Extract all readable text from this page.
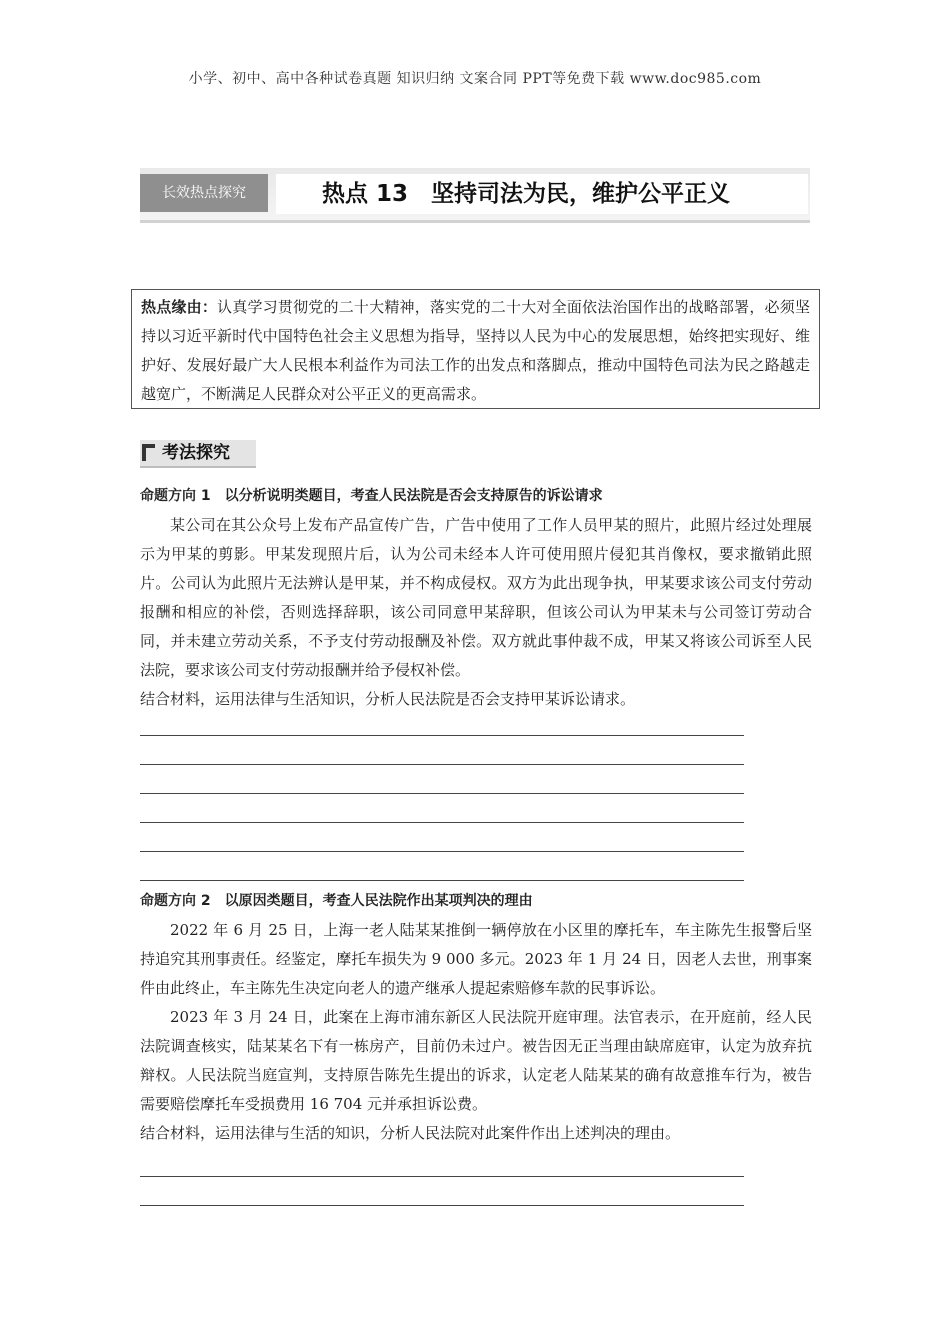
小学、初中、高中各种试卷真题 知识归纳 文案合同 PPT等免费下载 www.doc985.com
长效热点探究	热点 13　坚持司法为民，维护公平正义
热点缘由：认真学习贯彻党的二十大精神，落实党的二十大对全面依法治国作出的战略部署，必须坚持以习近平新时代中国特色社会主义思想为指导，坚持以人民为中心的发展思想，始终把实现好、维护好、发展好最广大人民根本利益作为司法工作的出发点和落脚点，推动中国特色司法为民之路越走越宽广，不断满足人民群众对公平正义的更高需求。
考法探究
命题方向 1　以分析说明类题目，考查人民法院是否会支持原告的诉讼请求

某公司在其公众号上发布产品宣传广告，广告中使用了工作人员甲某的照片，此照片经过处理展示为甲某的剪影。甲某发现照片后，认为公司未经本人许可使用照片侵犯其肖像权，要求撤销此照片。公司认为此照片无法辨认是甲某，并不构成侵权。双方为此出现争执，甲某要求该公司支付劳动报酬和相应的补偿，否则选择辞职，该公司同意甲某辞职，但该公司认为甲某未与公司签订劳动合同，并未建立劳动关系，不予支付劳动报酬及补偿。双方就此事仲裁不成，甲某又将该公司诉至人民法院，要求该公司支付劳动报酬并给予侵权补偿。

结合材料，运用法律与生活知识，分析人民法院是否会支持甲某诉讼请求。

命题方向 2　以原因类题目，考查人民法院作出某项判决的理由

2022 年 6 月 25 日，上海一老人陆某某推倒一辆停放在小区里的摩托车，车主陈先生报警后坚持追究其刑事责任。经鉴定，摩托车损失为 9 000 多元。2023 年 1 月 24 日，因老人去世，刑事案件由此终止，车主陈先生决定向老人的遗产继承人提起索赔修车款的民事诉讼。

2023 年 3 月 24 日，此案在上海市浦东新区人民法院开庭审理。法官表示，在开庭前，经人民法院调查核实，陆某某名下有一栋房产，目前仍未过户。被告因无正当理由缺席庭审，认定为放弃抗辩权。人民法院当庭宣判，支持原告陈先生提出的诉求，认定老人陆某某的确有故意推车行为，被告需要赔偿摩托车受损费用 16 704 元并承担诉讼费。

结合材料，运用法律与生活的知识，分析人民法院对此案件作出上述判决的理由。
